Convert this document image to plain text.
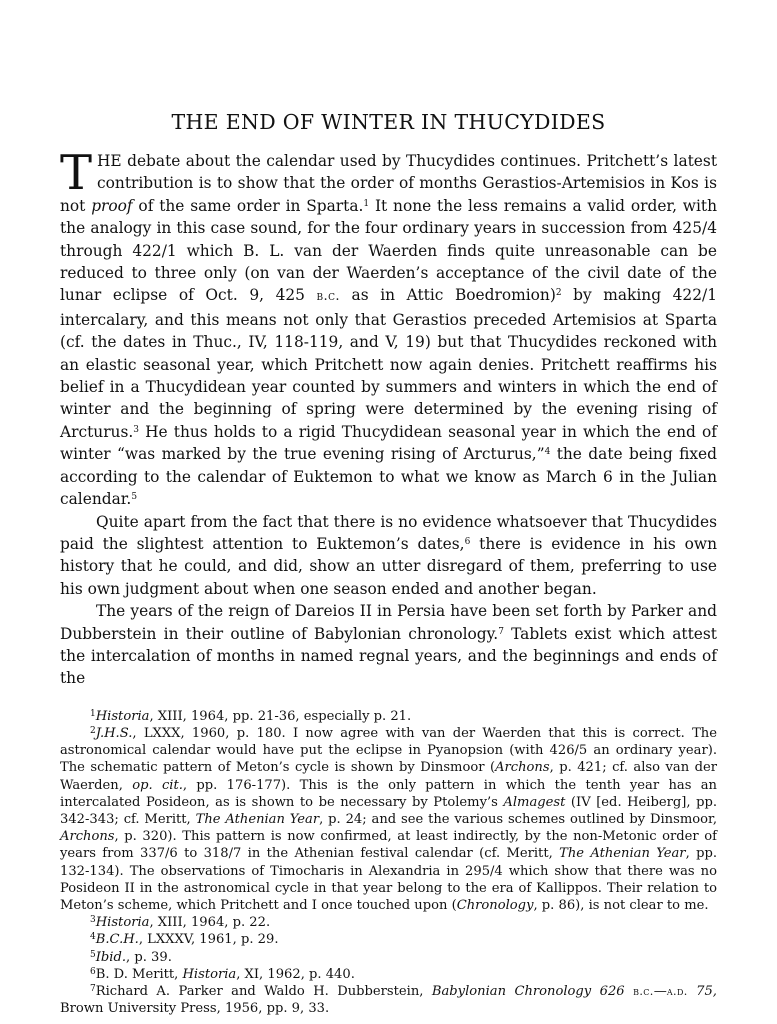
THE END OF WINTER IN THUCYDIDES

THE debate about the calendar used by Thucydides continues. Pritchett’s latest contribution is to show that the order of months Gerastios-Artemisios in Kos is not proof of the same order in Sparta.$^1$ It none the less remains a valid order, with the analogy in this case sound, for the four ordinary years in succession from 425/4 through 422/1 which B. L. van der Waerden finds quite unreasonable can be reduced to three only (on van der Waerden’s acceptance of the civil date of the lunar eclipse of Oct. 9, 425 b.c. as in Attic Boedromion)$^2$ by making 422/1 intercalary, and this means not only that Gerastios preceded Artemisios at Sparta (cf. the dates in Thuc., IV, 118-119, and V, 19) but that Thucydides reckoned with an elastic seasonal year, which Pritchett now again denies. Pritchett reaffirms his belief in a Thucydidean year counted by summers and winters in which the end of winter and the beginning of spring were determined by the evening rising of Arcturus.$^3$ He thus holds to a rigid Thucydidean seasonal year in which the end of winter “was marked by the true evening rising of Arcturus,”$^4$ the date being fixed according to the calendar of Euktemon to what we know as March 6 in the Julian calendar.$^5$

Quite apart from the fact that there is no evidence whatsoever that Thucydides paid the slightest attention to Euktemon’s dates,$^6$ there is evidence in his own history that he could, and did, show an utter disregard of them, preferring to use his own judgment about when one season ended and another began.

The years of the reign of Dareios II in Persia have been set forth by Parker and Dubberstein in their outline of Babylonian chronology.$^7$ Tablets exist which attest the intercalation of months in named regnal years, and the beginnings and ends of the

$^1$Historia, XIII, 1964, pp. 21-36, especially p. 21.

$^2$J.H.S., LXXX, 1960, p. 180. I now agree with van der Waerden that this is correct. The astronomical calendar would have put the eclipse in Pyanopsion (with 426/5 an ordinary year). The schematic pattern of Meton’s cycle is shown by Dinsmoor (Archons, p. 421; cf. also van der Waerden, op. cit., pp. 176-177). This is the only pattern in which the tenth year has an intercalated Posideon, as is shown to be necessary by Ptolemy’s Almagest (IV [ed. Heiberg], pp. 342-343; cf. Meritt, The Athenian Year, p. 24; and see the various schemes outlined by Dinsmoor, Archons, p. 320). This pattern is now confirmed, at least indirectly, by the non-Metonic order of years from 337/6 to 318/7 in the Athenian festival calendar (cf. Meritt, The Athenian Year, pp. 132-134). The observations of Timocharis in Alexandria in 295/4 which show that there was no Posideon II in the astronomical cycle in that year belong to the era of Kallippos. Their relation to Meton’s scheme, which Pritchett and I once touched upon (Chronology, p. 86), is not clear to me.

$^3$Historia, XIII, 1964, p. 22.

$^4$B.C.H., LXXXV, 1961, p. 29.

$^5$Ibid., p. 39.

$^6$B. D. Meritt, Historia, XI, 1962, p. 440.

$^7$Richard A. Parker and Waldo H. Dubberstein, Babylonian Chronology 626 b.c.—a.d. 75, Brown University Press, 1956, pp. 9, 33.
